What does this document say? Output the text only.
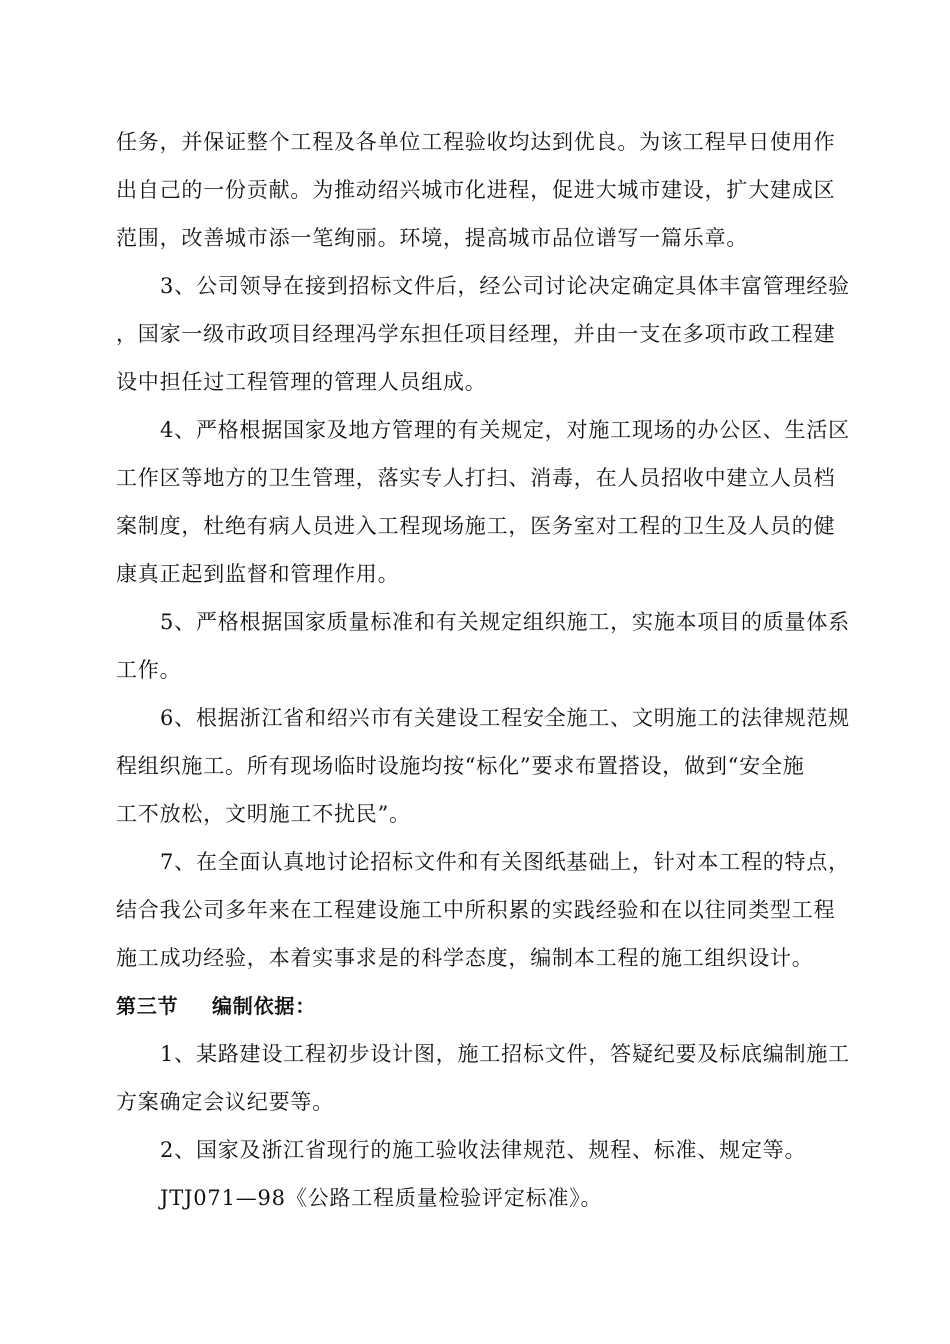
任务，并保证整个工程及各单位工程验收均达到优良。为该工程早日使用作
出自己的一份贡献。为推动绍兴城市化进程，促进大城市建设，扩大建成区
范围，改善城市添一笔绚丽。环境，提高城市品位谱写一篇乐章。
3、公司领导在接到招标文件后，经公司讨论决定确定具体丰富管理经验
，国家一级市政项目经理冯学东担任项目经理，并由一支在多项市政工程建
设中担任过工程管理的管理人员组成。
4、严格根据国家及地方管理的有关规定，对施工现场的办公区、生活区
工作区等地方的卫生管理，落实专人打扫、消毒，在人员招收中建立人员档
案制度，杜绝有病人员进入工程现场施工，医务室对工程的卫生及人员的健
康真正起到监督和管理作用。
5、严格根据国家质量标准和有关规定组织施工，实施本项目的质量体系
工作。
6、根据浙江省和绍兴市有关建设工程安全施工、文明施工的法律规范规
程组织施工。所有现场临时设施均按“标化”要求布置搭设，做到“安全施
工不放松，文明施工不扰民”。
7、在全面认真地讨论招标文件和有关图纸基础上，针对本工程的特点，
结合我公司多年来在工程建设施工中所积累的实践经验和在以往同类型工程
施工成功经验，本着实事求是的科学态度，编制本工程的施工组织设计。
第三节 编制依据：
1、某路建设工程初步设计图，施工招标文件，答疑纪要及标底编制施工
方案确定会议纪要等。
2、国家及浙江省现行的施工验收法律规范、规程、标准、规定等。
JTJ071—98《公路工程质量检验评定标准》。
